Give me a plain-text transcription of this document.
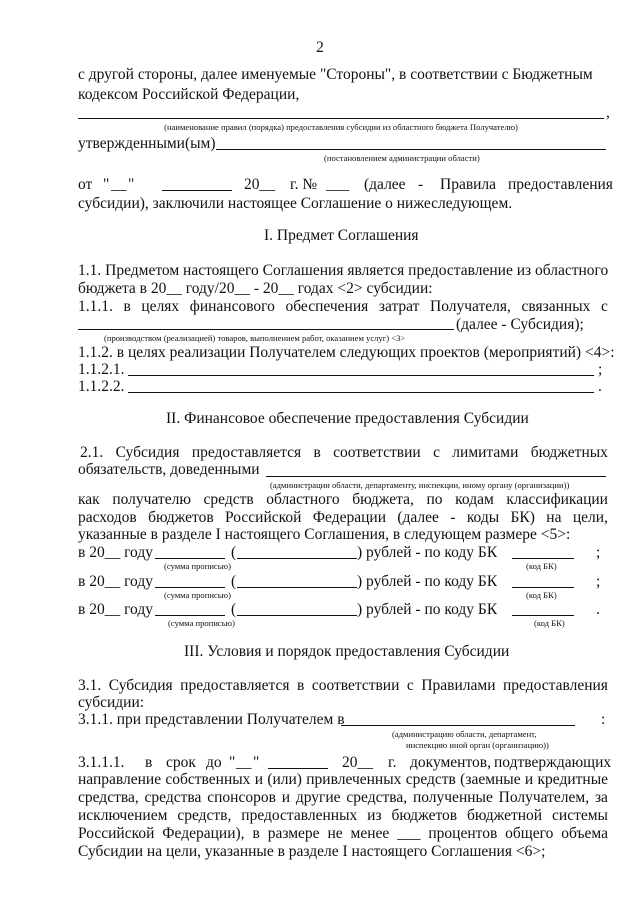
2
с другой стороны, далее именуемые "Стороны", в соответствии с Бюджетным
кодексом Российской Федерации,
,
(наименование правил (порядка) предоставления субсидии из областного бюджета Получателю)
утвержденными(ым)
(постановлением администрации области)
от " __ "	20__ г. № ___ (далее - Правила предоставления
субсидии), заключили настоящее Соглашение о нижеследующем.
I. Предмет Соглашения
1.1. Предметом настоящего Соглашения является предоставление из областного
бюджета в 20__ году/20__ - 20__ годах <2> субсидии:
1.1.1. в целях финансового обеспечения затрат Получателя, связанных с
(далее - Субсидия);
(производством (реализацией) товаров, выполнением работ, оказанием услуг) <3>
1.1.2. в целях реализации Получателем следующих проектов (мероприятий) <4>:
1.1.2.1.	;
1.1.2.2.	.
II. Финансовое обеспечение предоставления Субсидии
2.1. Субсидия предоставляется в соответствии с лимитами бюджетных
обязательств, доведенными
(администрации области, департаменту, инспекции, иному органу (организации))
как получателю средств областного бюджета, по кодам классификации
расходов бюджетов Российской Федерации (далее - коды БК) на цели,
указанные в разделе I настоящего Соглашения, в следующем размере <5>:
в 20__ году	(	) рублей - по коду БК	;
(сумма прописью)	(код БК)
в 20__ году	(	) рублей - по коду БК	;
(сумма прописью)	(код БК)
в 20__ году	(	) рублей - по коду БК	.
(сумма прописью)	(код БК)
III. Условия и порядок предоставления Субсидии
3.1. Субсидия предоставляется в соответствии с Правилами предоставления
субсидии:
3.1.1. при представлении Получателем в	:
(администрацию области, департамент,
инспекцию иной орган (организацию))
3.1.1.1. в срок до " __ "	20__ г. документов, подтверждающих
направление собственных и (или) привлеченных средств (заемные и кредитные
средства, средства спонсоров и другие средства, полученные Получателем, за
исключением средств, предоставленных из бюджетов бюджетной системы
Российской Федерации), в размере не менее ___ процентов общего объема
Субсидии на цели, указанные в разделе I настоящего Соглашения <6>;
